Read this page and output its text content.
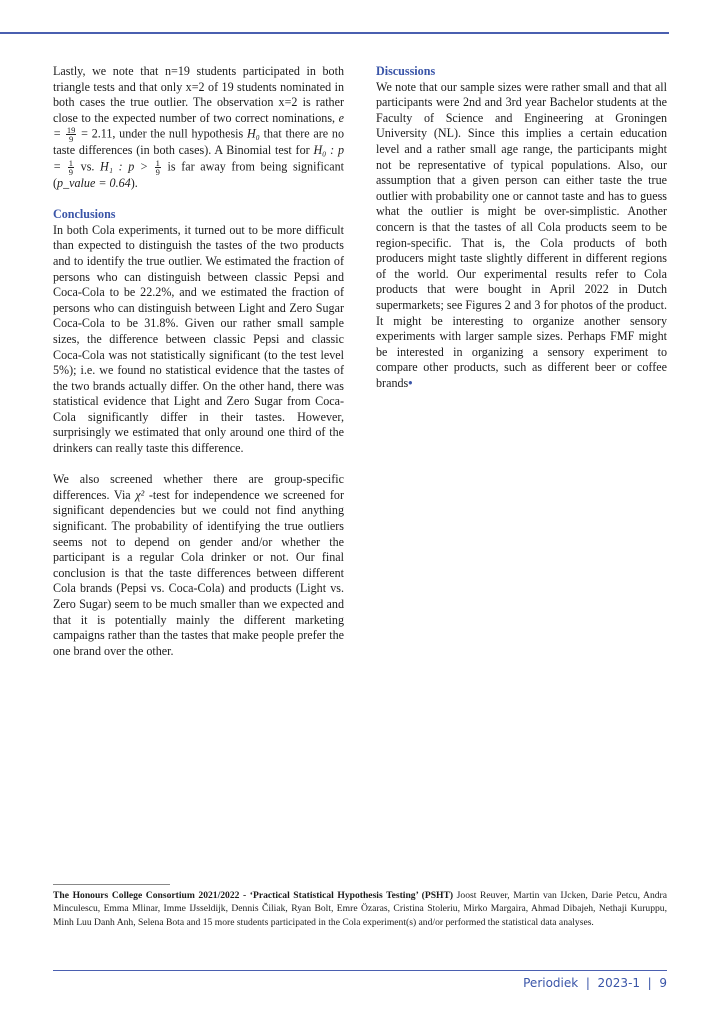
Lastly, we note that n=19 students participated in both triangle tests and that only x=2 of 19 students nominated in both cases the true outlier. The observation x=2 is rather close to the expected number of two correct nominations, $e = \frac{19}{9} = 2.11$, under the null hypothesis H₀ that there are no taste differences (in both cases). A Binomial test for H₀ : $p = \frac{1}{9}$ vs. H₁ : $p > \frac{1}{9}$ is far away from being significant (p_value = 0.64).

Conclusions

In both Cola experiments, it turned out to be more difficult than expected to distinguish the tastes of the two products and to identify the true outlier. We estimated the fraction of persons who can distinguish between classic Pepsi and Coca-Cola to be 22.2%, and we estimated the fraction of persons who can distinguish between Light and Zero Sugar Coca-Cola to be 31.8%. Given our rather small sample sizes, the difference between classic Pepsi and classic Coca-Cola was not statistically significant (to the test level 5%); i.e. we found no statistical evidence that the tastes of the two brands actually differ. On the other hand, there was statistical evidence that Light and Zero Sugar from Coca-Cola significantly differ in their tastes. However, surprisingly we estimated that only around one third of the drinkers can really taste this difference.

We also screened whether there are group-specific differences. Via χ² -test for independence we screened for significant dependencies but we could not find anything significant. The probability of identifying the true outliers seems not to depend on gender and/or whether the participant is a regular Cola drinker or not. Our final conclusion is that the taste differences between different Cola brands (Pepsi vs. Coca-Cola) and products (Light vs. Zero Sugar) seem to be much smaller than we expected and that it is potentially mainly the different marketing campaigns rather than the tastes that make people prefer the one brand over the other.

Discussions

We note that our sample sizes were rather small and that all participants were 2nd and 3rd year Bachelor students at the Faculty of Science and Engineering at Groningen University (NL). Since this implies a certain education level and a rather small age range, the participants might not be representative of typical populations. Also, our assumption that a given person can either taste the true outlier with probability one or cannot taste and has to guess what the outlier is might be over-simplistic. Another concern is that the tastes of all Cola products seem to be region-specific. That is, the Cola products of both producers might taste slightly different in different regions of the world. Our experimental results refer to Cola products that were bought in April 2022 in Dutch supermarkets; see Figures 2 and 3 for photos of the product. It might be interesting to organize another sensory experiments with larger sample sizes. Perhaps FMF might be interested in organizing a sensory experiment to compare other products, such as different beer or coffee brands•

The Honours College Consortium 2021/2022 - ‘Practical Statistical Hypothesis Testing’ (PSHT) Joost Reuver, Martin van IJcken, Darie Petcu, Andra Minculescu, Emma Mlinar, Imme IJsseldijk, Dennis Čiliak, Ryan Bolt, Emre Özaras, Cristina Stoleriu, Mirko Margaira, Ahmad Dibajeh, Nethaji Kuruppu, Minh Luu Danh Anh, Selena Bota and 15 more students participated in the Cola experiment(s) and/or performed the statistical data analyses.
Periodiek  |  2023-1  |  9
